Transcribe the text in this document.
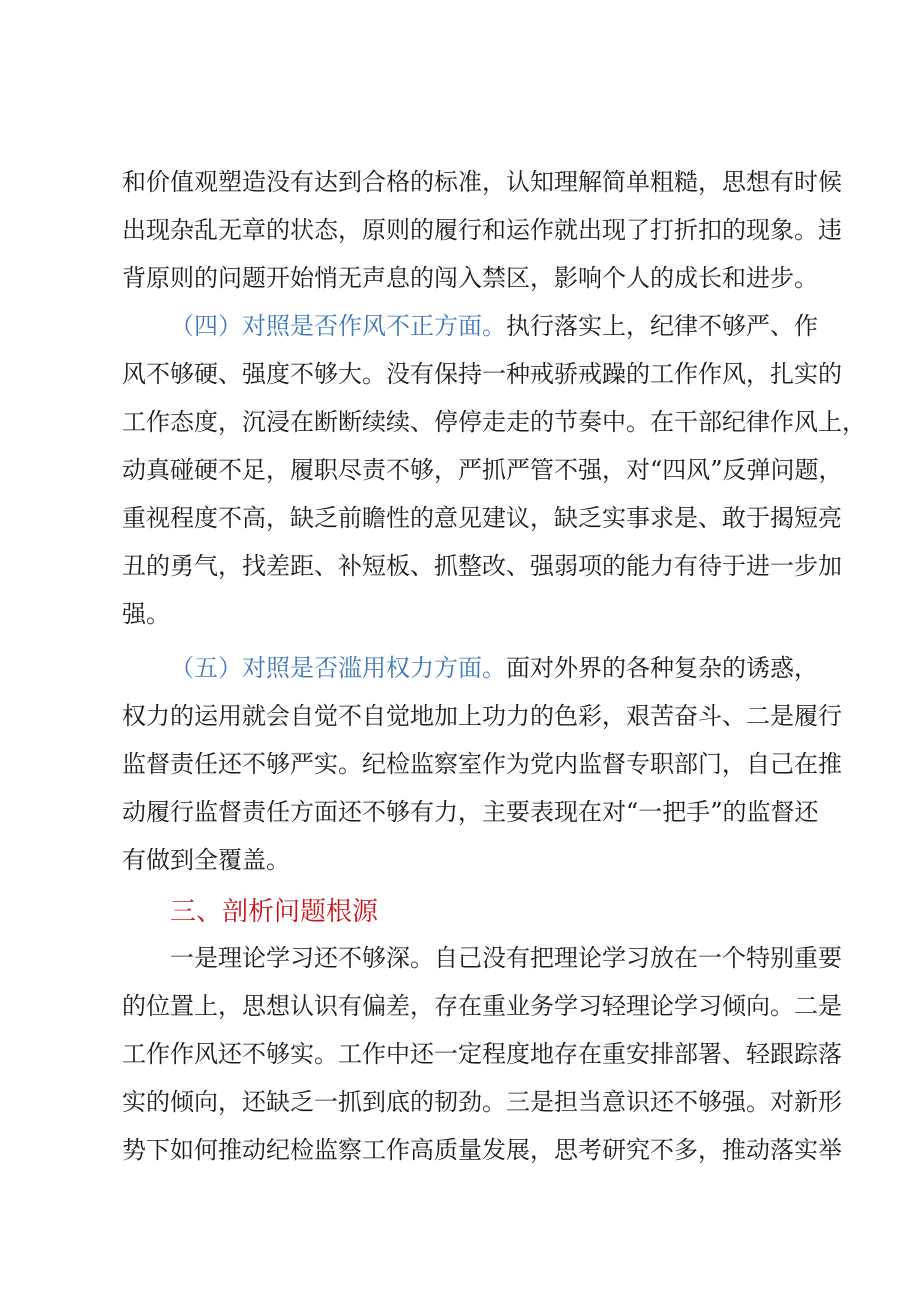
和价值观塑造没有达到合格的标准，认知理解简单粗糙，思想有时候
出现杂乱无章的状态，原则的履行和运作就出现了打折扣的现象。违
背原则的问题开始悄无声息的闯入禁区，影响个人的成长和进步。
（四）对照是否作风不正方面。执行落实上，纪律不够严、作
风不够硬、强度不够大。没有保持一种戒骄戒躁的工作作风，扎实的
工作态度，沉浸在断断续续、停停走走的节奏中。在干部纪律作风上，
动真碰硬不足，履职尽责不够，严抓严管不强，对“四风”反弹问题，
重视程度不高，缺乏前瞻性的意见建议，缺乏实事求是、敢于揭短亮
丑的勇气，找差距、补短板、抓整改、强弱项的能力有待于进一步加
强。
（五）对照是否滥用权力方面。面对外界的各种复杂的诱惑，
权力的运用就会自觉不自觉地加上功力的色彩，艰苦奋斗、二是履行
监督责任还不够严实。纪检监察室作为党内监督专职部门，自己在推
动履行监督责任方面还不够有力，主要表现在对“一把手”的监督还
有做到全覆盖。
三、剖析问题根源
一是理论学习还不够深。自己没有把理论学习放在一个特别重要
的位置上，思想认识有偏差，存在重业务学习轻理论学习倾向。二是
工作作风还不够实。工作中还一定程度地存在重安排部署、轻跟踪落
实的倾向，还缺乏一抓到底的韧劲。三是担当意识还不够强。对新形
势下如何推动纪检监察工作高质量发展，思考研究不多，推动落实举
